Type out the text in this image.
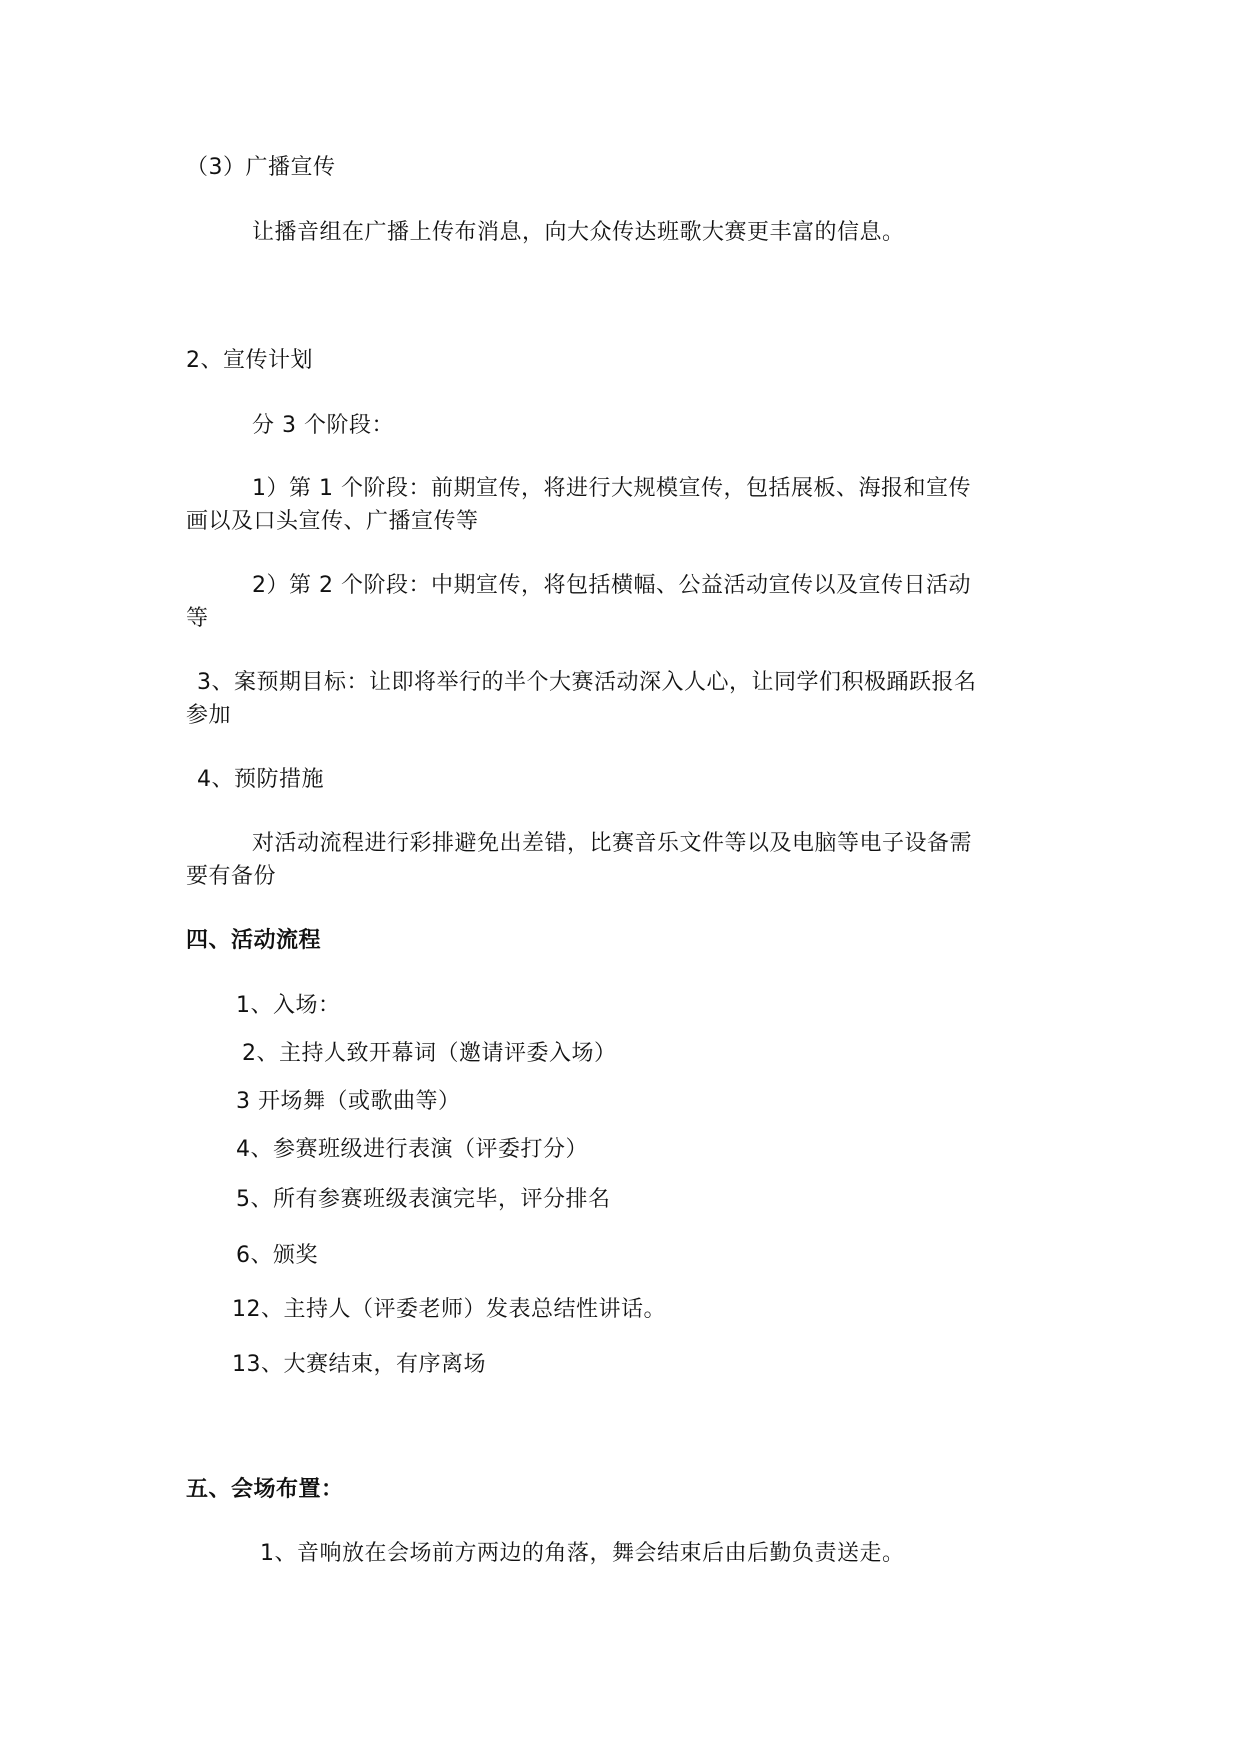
（3）广播宣传
让播音组在广播上传布消息，向大众传达班歌大赛更丰富的信息。
2、宣传计划
分 3 个阶段：
1）第 1 个阶段：前期宣传，将进行大规模宣传，包括展板、海报和宣传
画以及口头宣传、广播宣传等
2）第 2 个阶段：中期宣传，将包括横幅、公益活动宣传以及宣传日活动
等
3、案预期目标：让即将举行的半个大赛活动深入人心，让同学们积极踊跃报名
参加
4、预防措施
对活动流程进行彩排避免出差错，比赛音乐文件等以及电脑等电子设备需
要有备份
四、活动流程
1、入场：
2、主持人致开幕词（邀请评委入场）
3 开场舞（或歌曲等）
4、参赛班级进行表演（评委打分）
5、所有参赛班级表演完毕，评分排名
6、颁奖
12、主持人（评委老师）发表总结性讲话。
13、大赛结束，有序离场
五、会场布置：
1、音响放在会场前方两边的角落，舞会结束后由后勤负责送走。
